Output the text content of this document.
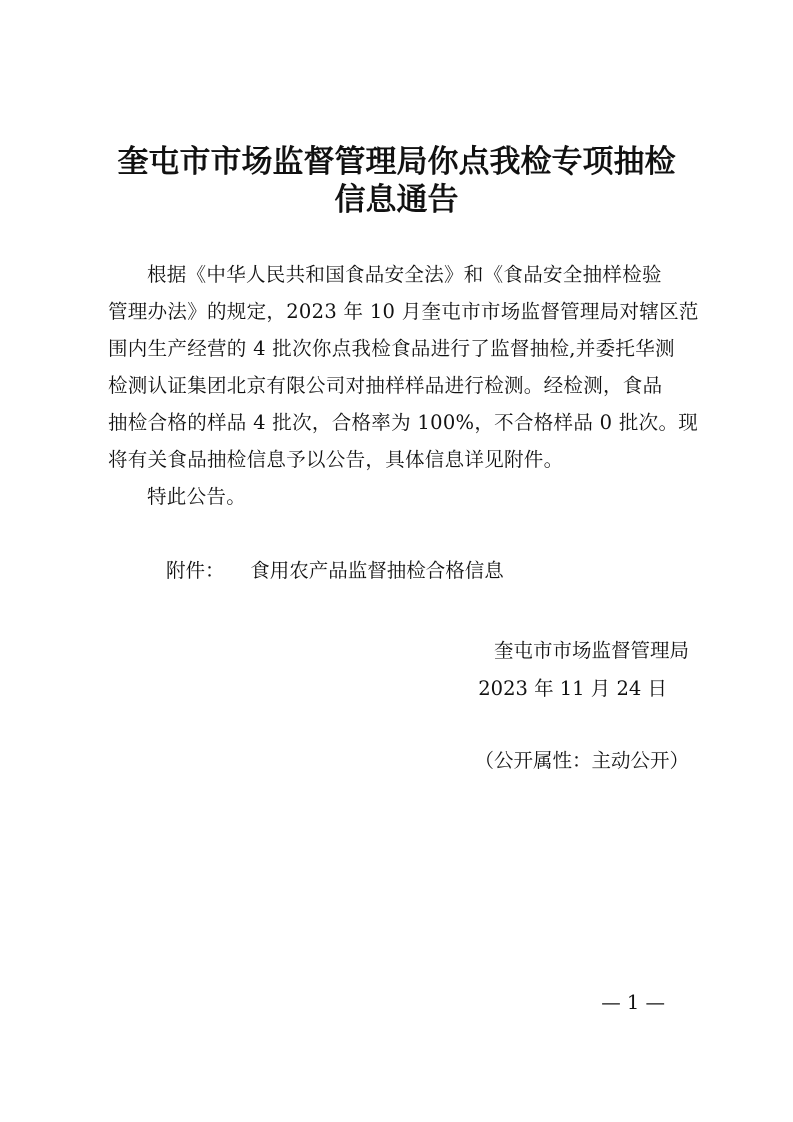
奎屯市市场监督管理局你点我检专项抽检
信息通告

根据《中华人民共和国食品安全法》和《食品安全抽样检验

管理办法》的规定，2023 年 10 月奎屯市市场监督管理局对辖区范

围内生产经营的 4 批次你点我检食品进行了监督抽检,并委托华测

检测认证集团北京有限公司对抽样样品进行检测。经检测，食品

抽检合格的样品 4 批次，合格率为 100%，不合格样品 0 批次。现

将有关食品抽检信息予以公告，具体信息详见附件。

特此公告。

附件： 食用农产品监督抽检合格信息
奎屯市市场监督管理局
2023 年 11 月 24 日
（公开属性：主动公开）
— 1 —
